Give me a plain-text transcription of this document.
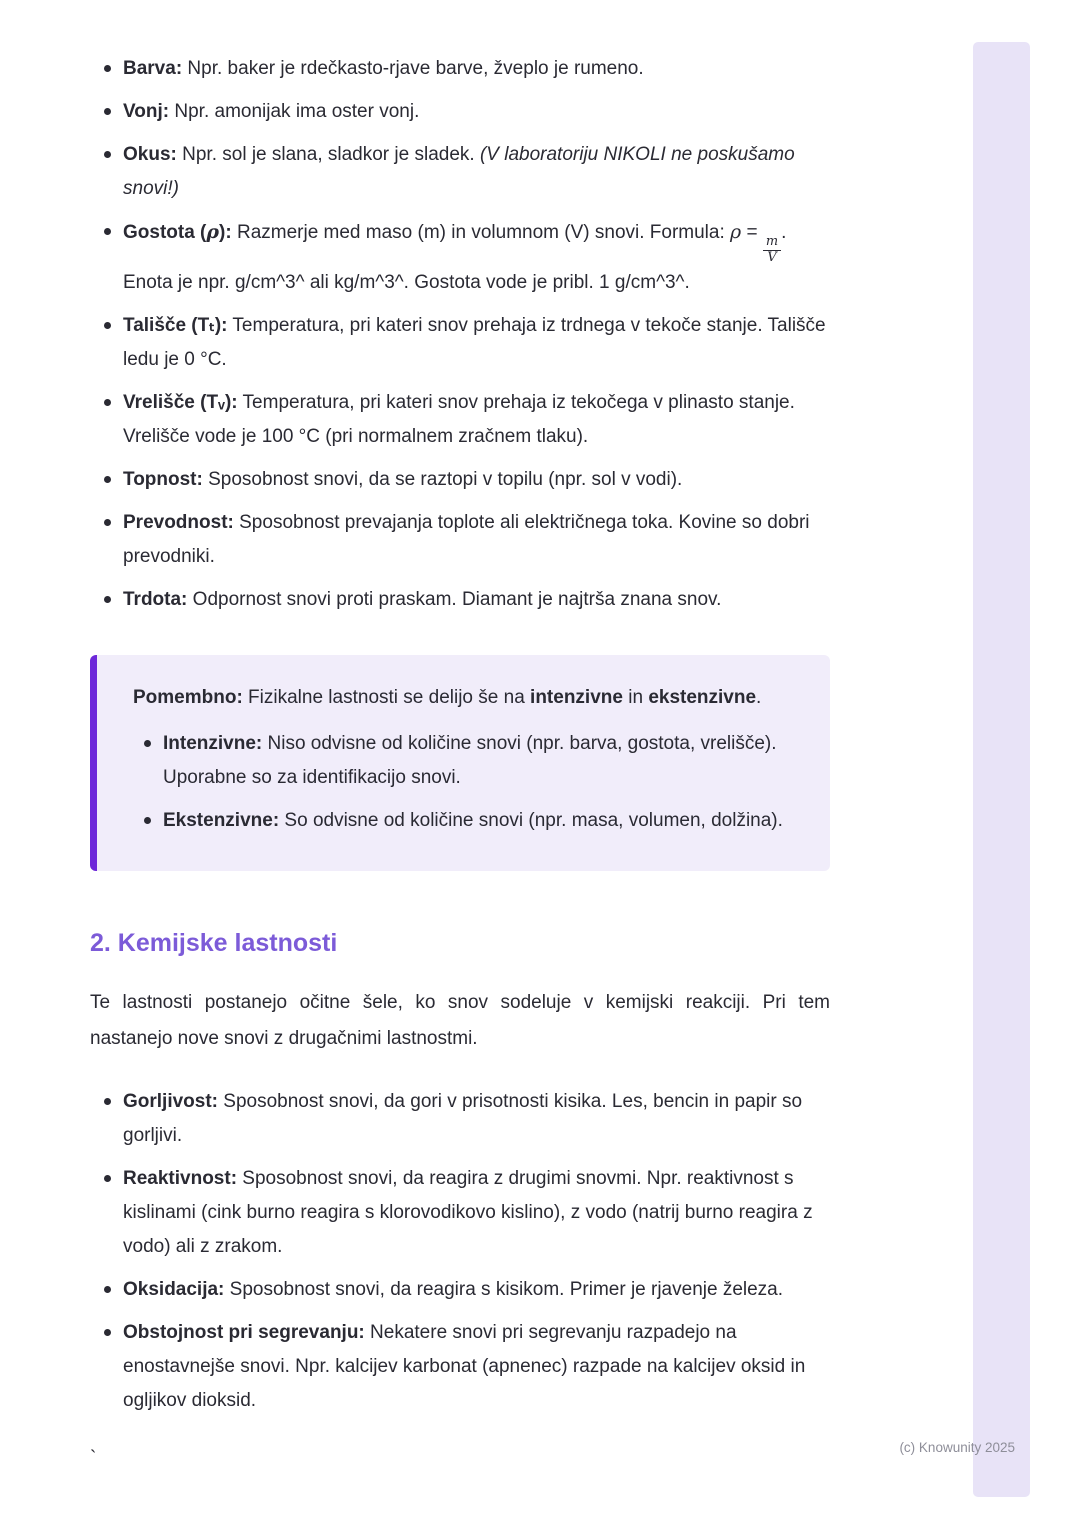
Barva: Npr. baker je rdečkasto-rjave barve, žveplo je rumeno.
Vonj: Npr. amonijak ima oster vonj.
Okus: Npr. sol je slana, sladkor je sladek. (V laboratoriju NIKOLI ne poskušamo snovi!)
Gostota (ρ): Razmerje med maso (m) in volumnom (V) snovi. Formula: ρ =
$\frac{m}{V}$
. Enota je npr. g/cm^3^ ali kg/m^3^. Gostota vode je pribl. 1 g/cm^3^.
Tališče (Tₜ): Temperatura, pri kateri snov prehaja iz trdnega v tekoče stanje. Tališče ledu je 0 °C.
Vrelišče (Tᵥ): Temperatura, pri kateri snov prehaja iz tekočega v plinasto stanje. Vrelišče vode je 100 °C (pri normalnem zračnem tlaku).
Topnost: Sposobnost snovi, da se raztopi v topilu (npr. sol v vodi).
Prevodnost: Sposobnost prevajanja toplote ali električnega toka. Kovine so dobri prevodniki.
Trdota: Odpornost snovi proti praskam. Diamant je najtrša znana snov.

Pomembno: Fizikalne lastnosti se delijo še na intenzivne in ekstenzivne.

Intenzivne: Niso odvisne od količine snovi (npr. barva, gostota, vrelišče). Uporabne so za identifikacijo snovi.
Ekstenzivne: So odvisne od količine snovi (npr. masa, volumen, dolžina).
2. Kemijske lastnosti

Te lastnosti postanejo očitne šele, ko snov sodeluje v kemijski reakciji. Pri tem nastanejo nove snovi z drugačnimi lastnostmi.

Gorljivost: Sposobnost snovi, da gori v prisotnosti kisika. Les, bencin in papir so gorljivi.
Reaktivnost: Sposobnost snovi, da reagira z drugimi snovmi. Npr. reaktivnost s kislinami (cink burno reagira s klorovodikovo kislino), z vodo (natrij burno reagira z vodo) ali z zrakom.
Oksidacija: Sposobnost snovi, da reagira s kisikom. Primer je rjavenje železa.
Obstojnost pri segrevanju: Nekatere snovi pri segrevanju razpadejo na enostavnejše snovi. Npr. kalcijev karbonat (apnenec) razpade na kalcijev oksid in ogljikov dioksid.

`

(c) Knowunity 2025
